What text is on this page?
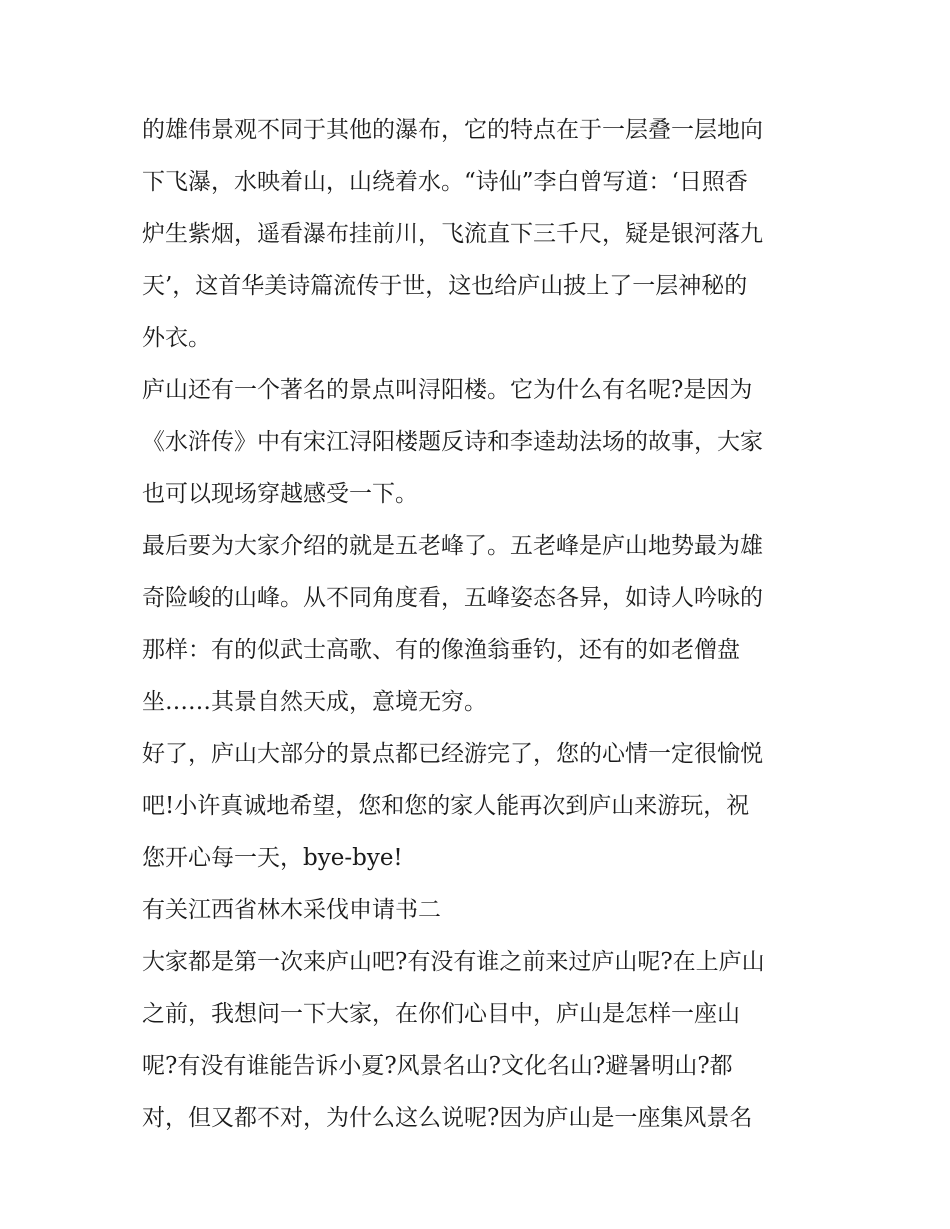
的雄伟景观不同于其他的瀑布，它的特点在于一层叠一层地向
下飞瀑，水映着山，山绕着水。“诗仙”李白曾写道：‘日照香
炉生紫烟，遥看瀑布挂前川，飞流直下三千尺，疑是银河落九
天’，这首华美诗篇流传于世，这也给庐山披上了一层神秘的
外衣。
庐山还有一个著名的景点叫浔阳楼。它为什么有名呢?是因为
《水浒传》中有宋江浔阳楼题反诗和李逵劫法场的故事，大家
也可以现场穿越感受一下。
最后要为大家介绍的就是五老峰了。五老峰是庐山地势最为雄
奇险峻的山峰。从不同角度看，五峰姿态各异，如诗人吟咏的
那样：有的似武士高歌、有的像渔翁垂钓，还有的如老僧盘
坐……其景自然天成，意境无穷。
好了，庐山大部分的景点都已经游完了，您的心情一定很愉悦
吧!小许真诚地希望，您和您的家人能再次到庐山来游玩，祝
您开心每一天，bye-bye!
有关江西省林木采伐申请书二
大家都是第一次来庐山吧?有没有谁之前来过庐山呢?在上庐山
之前，我想问一下大家，在你们心目中，庐山是怎样一座山
呢?有没有谁能告诉小夏?风景名山?文化名山?避暑明山?都
对，但又都不对，为什么这么说呢?因为庐山是一座集风景名
